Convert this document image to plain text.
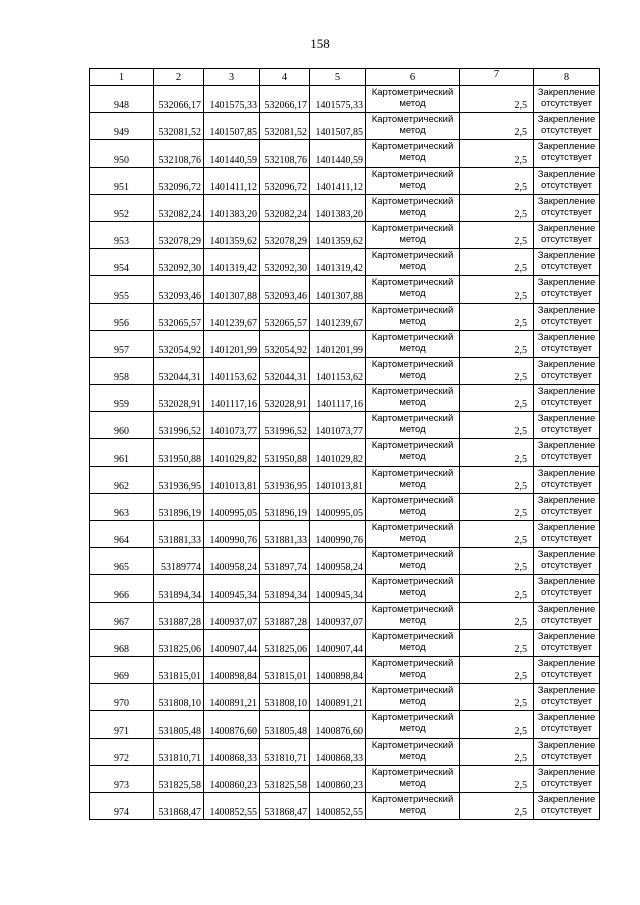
158
1	2	3	4	5	6	7	8
948	532066,17	1401575,33	532066,17	1401575,33	Картометрический метод	2,5	Закрепление отсутствует
949	532081,52	1401507,85	532081,52	1401507,85	Картометрический метод	2,5	Закрепление отсутствует
950	532108,76	1401440,59	532108,76	1401440,59	Картометрический метод	2,5	Закрепление отсутствует
951	532096,72	1401411,12	532096,72	1401411,12	Картометрический метод	2,5	Закрепление отсутствует
952	532082,24	1401383,20	532082,24	1401383,20	Картометрический метод	2,5	Закрепление отсутствует
953	532078,29	1401359,62	532078,29	1401359,62	Картометрический метод	2,5	Закрепление отсутствует
954	532092,30	1401319,42	532092,30	1401319,42	Картометрический метод	2,5	Закрепление отсутствует
955	532093,46	1401307,88	532093,46	1401307,88	Картометрический метод	2,5	Закрепление отсутствует
956	532065,57	1401239,67	532065,57	1401239,67	Картометрический метод	2,5	Закрепление отсутствует
957	532054,92	1401201,99	532054,92	1401201,99	Картометрический метод	2,5	Закрепление отсутствует
958	532044,31	1401153,62	532044,31	1401153,62	Картометрический метод	2,5	Закрепление отсутствует
959	532028,91	1401117,16	532028,91	1401117,16	Картометрический метод	2,5	Закрепление отсутствует
960	531996,52	1401073,77	531996,52	1401073,77	Картометрический метод	2,5	Закрепление отсутствует
961	531950,88	1401029,82	531950,88	1401029,82	Картометрический метод	2,5	Закрепление отсутствует
962	531936,95	1401013,81	531936,95	1401013,81	Картометрический метод	2,5	Закрепление отсутствует
963	531896,19	1400995,05	531896,19	1400995,05	Картометрический метод	2,5	Закрепление отсутствует
964	531881,33	1400990,76	531881,33	1400990,76	Картометрический метод	2,5	Закрепление отсутствует
965	53189774	1400958,24	531897,74	1400958,24	Картометрический метод	2,5	Закрепление отсутствует
966	531894,34	1400945,34	531894,34	1400945,34	Картометрический метод	2,5	Закрепление отсутствует
967	531887,28	1400937,07	531887,28	1400937,07	Картометрический метод	2,5	Закрепление отсутствует
968	531825,06	1400907,44	531825,06	1400907,44	Картометрический метод	2,5	Закрепление отсутствует
969	531815,01	1400898,84	531815,01	1400898,84	Картометрический метод	2,5	Закрепление отсутствует
970	531808,10	1400891,21	531808,10	1400891,21	Картометрический метод	2,5	Закрепление отсутствует
971	531805,48	1400876,60	531805,48	1400876,60	Картометрический метод	2,5	Закрепление отсутствует
972	531810,71	1400868,33	531810,71	1400868,33	Картометрический метод	2,5	Закрепление отсутствует
973	531825,58	1400860,23	531825,58	1400860,23	Картометрический метод	2,5	Закрепление отсутствует
974	531868,47	1400852,55	531868,47	1400852,55	Картометрический метод	2,5	Закрепление отсутствует
